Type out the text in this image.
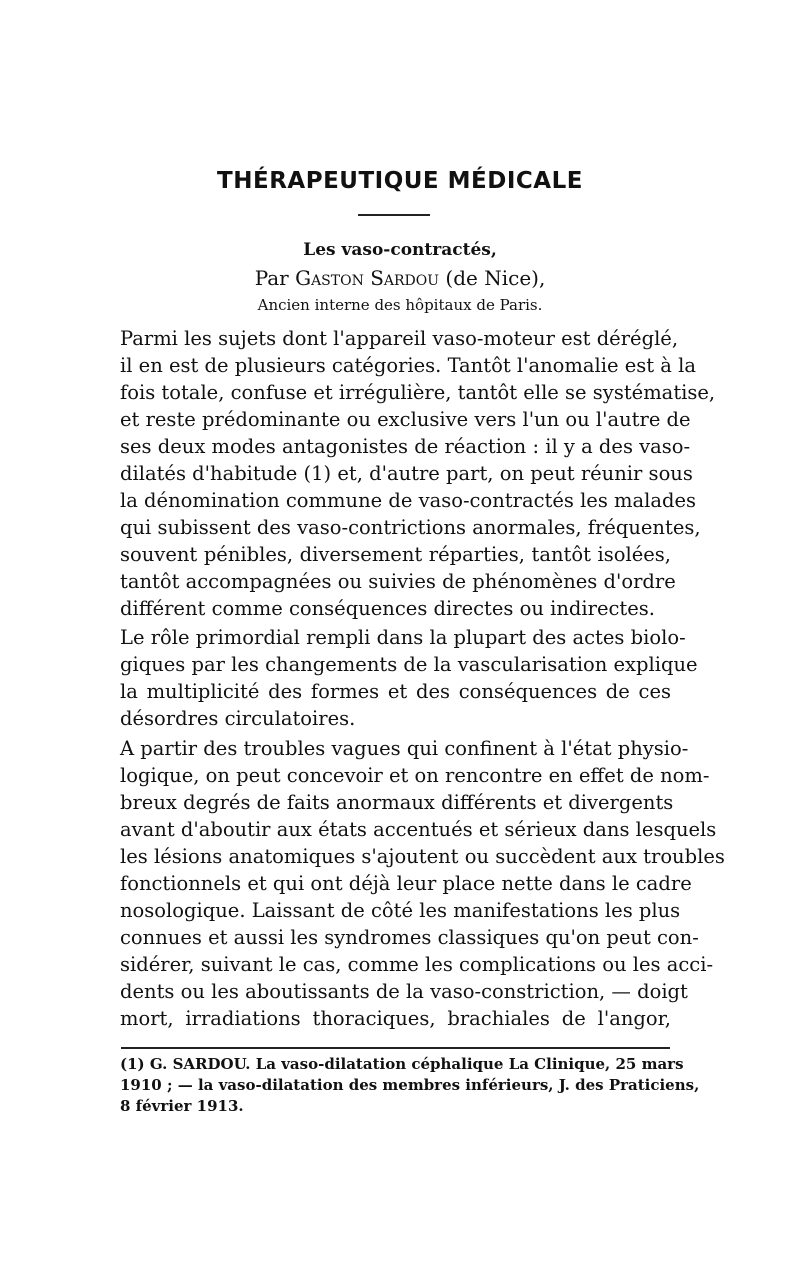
THÉRAPEUTIQUE MÉDICALE
Les vaso-contractés,
Par Gaston Sardou (de Nice),
Ancien interne des hôpitaux de Paris.
Parmi les sujets dont l'appareil vaso-moteur est déréglé,
il en est de plusieurs catégories. Tantôt l'anomalie est à la
fois totale, confuse et irrégulière, tantôt elle se systématise,
et reste prédominante ou exclusive vers l'un ou l'autre de
ses deux modes antagonistes de réaction : il y a des vaso-
dilatés d'habitude (1) et, d'autre part, on peut réunir sous
la dénomination commune de vaso-contractés les malades
qui subissent des vaso-contrictions anormales, fréquentes,
souvent pénibles, diversement réparties, tantôt isolées,
tantôt accompagnées ou suivies de phénomènes d'ordre
différent comme conséquences directes ou indirectes.
Le rôle primordial rempli dans la plupart des actes biolo-
giques par les changements de la vascularisation explique
la multiplicité des formes et des conséquences de ces
désordres circulatoires.
A partir des troubles vagues qui confinent à l'état physio-
logique, on peut concevoir et on rencontre en effet de nom-
breux degrés de faits anormaux différents et divergents
avant d'aboutir aux états accentués et sérieux dans lesquels
les lésions anatomiques s'ajoutent ou succèdent aux troubles
fonctionnels et qui ont déjà leur place nette dans le cadre
nosologique. Laissant de côté les manifestations les plus
connues et aussi les syndromes classiques qu'on peut con-
sidérer, suivant le cas, comme les complications ou les acci-
dents ou les aboutissants de la vaso-constriction, — doigt
mort, irradiations thoraciques, brachiales de l'angor,
(1) G. SARDOU. La vaso-dilatation céphalique La Clinique, 25 mars
1910 ; — la vaso-dilatation des membres inférieurs, J. des Praticiens,
8 février 1913.
